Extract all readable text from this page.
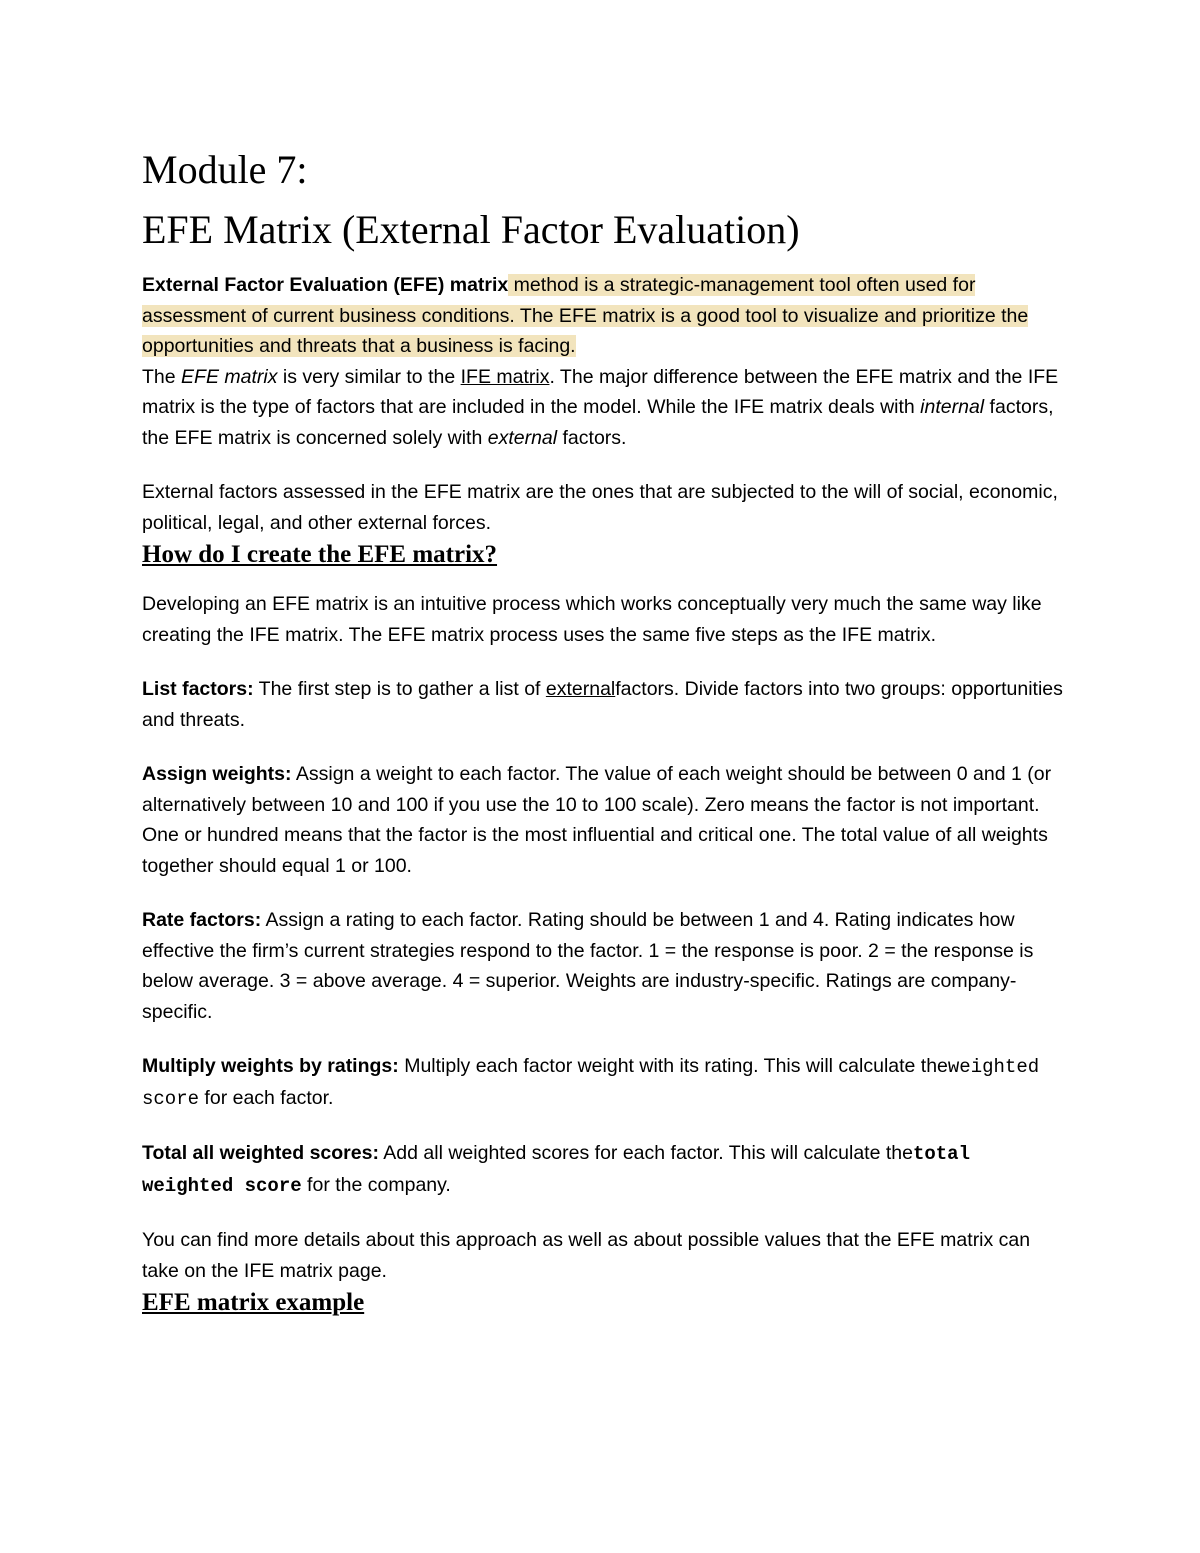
Module 7:
EFE Matrix (External Factor Evaluation)

External Factor Evaluation (EFE) matrix method is a strategic-management tool often used for assessment of current business conditions. The EFE matrix is a good tool to visualize and prioritize the opportunities and threats that a business is facing.

The EFE matrix is very similar to the IFE matrix. The major difference between the EFE matrix and the IFE matrix is the type of factors that are included in the model. While the IFE matrix deals with internal factors, the EFE matrix is concerned solely with external factors.

External factors assessed in the EFE matrix are the ones that are subjected to the will of social, economic, political, legal, and other external forces.

How do I create the EFE matrix?

Developing an EFE matrix is an intuitive process which works conceptually very much the same way like creating the IFE matrix. The EFE matrix process uses the same five steps as the IFE matrix.

List factors: The first step is to gather a list of externalfactors. Divide factors into two groups: opportunities and threats.

Assign weights: Assign a weight to each factor. The value of each weight should be between 0 and 1 (or alternatively between 10 and 100 if you use the 10 to 100 scale). Zero means the factor is not important. One or hundred means that the factor is the most influential and critical one. The total value of all weights together should equal 1 or 100.

Rate factors: Assign a rating to each factor. Rating should be between 1 and 4. Rating indicates how effective the firm’s current strategies respond to the factor. 1 = the response is poor. 2 = the response is below average. 3 = above average. 4 = superior. Weights are industry-specific. Ratings are company-specific.

Multiply weights by ratings: Multiply each factor weight with its rating. This will calculate theweighted score for each factor.

Total all weighted scores: Add all weighted scores for each factor. This will calculate thetotal weighted score for the company.

You can find more details about this approach as well as about possible values that the EFE matrix can take on the IFE matrix page.

EFE matrix example
